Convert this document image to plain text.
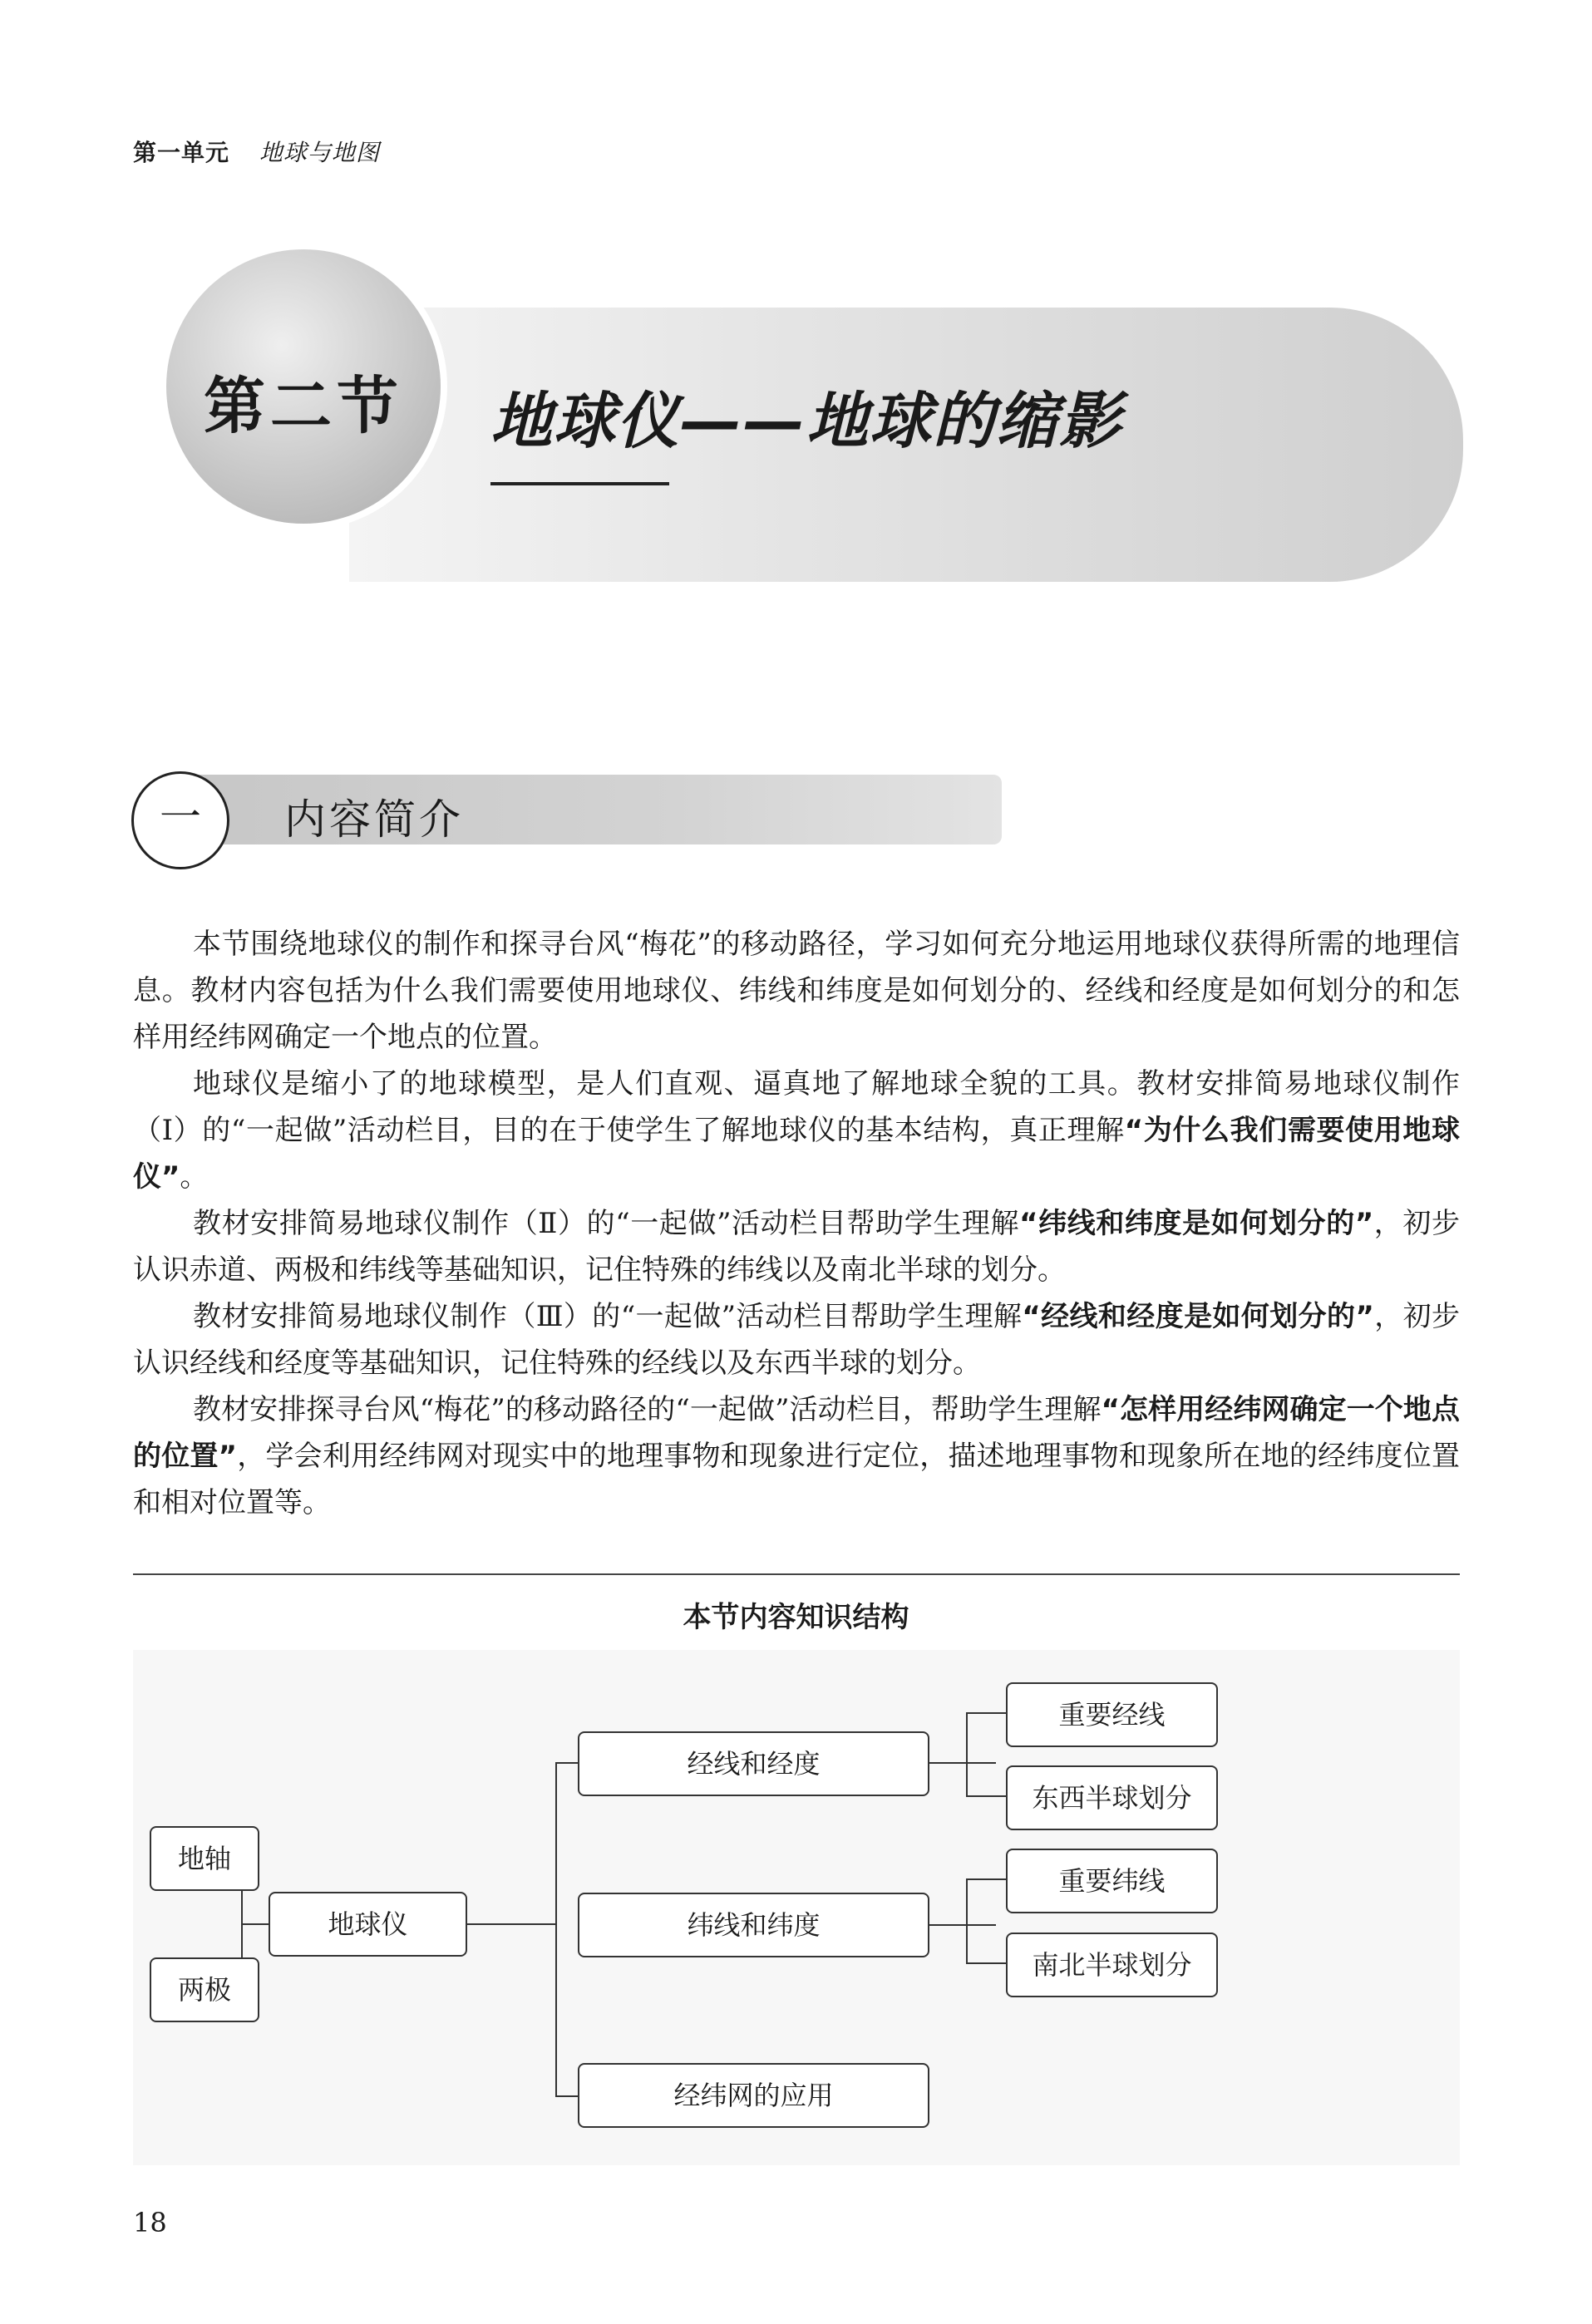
第一单元 地球与地图
第二节	地球仪——地球的缩影
一	内容简介

本节围绕地球仪的制作和探寻台风“梅花”的移动路径，学习如何充分地运用地球仪获得所需的地理信息。教材内容包括为什么我们需要使用地球仪、纬线和纬度是如何划分的、经线和经度是如何划分的和怎样用经纬网确定一个地点的位置。

地球仪是缩小了的地球模型，是人们直观、逼真地了解地球全貌的工具。教材安排简易地球仪制作（Ⅰ）的“一起做”活动栏目，目的在于使学生了解地球仪的基本结构，真正理解“为什么我们需要使用地球仪”。

教材安排简易地球仪制作（Ⅱ）的“一起做”活动栏目帮助学生理解“纬线和纬度是如何划分的”，初步认识赤道、两极和纬线等基础知识，记住特殊的纬线以及南北半球的划分。

教材安排简易地球仪制作（Ⅲ）的“一起做”活动栏目帮助学生理解“经线和经度是如何划分的”，初步认识经线和经度等基础知识，记住特殊的经线以及东西半球的划分。

教材安排探寻台风“梅花”的移动路径的“一起做”活动栏目，帮助学生理解“怎样用经纬网确定一个地点的位置”，学会利用经纬网对现实中的地理事物和现象进行定位，描述地理事物和现象所在地的经纬度位置和相对位置等。

本节内容知识结构
地轴
两极
地球仪
经线和经度
纬线和纬度
经纬网的应用
重要经线
东西半球划分
重要纬线
南北半球划分
18
